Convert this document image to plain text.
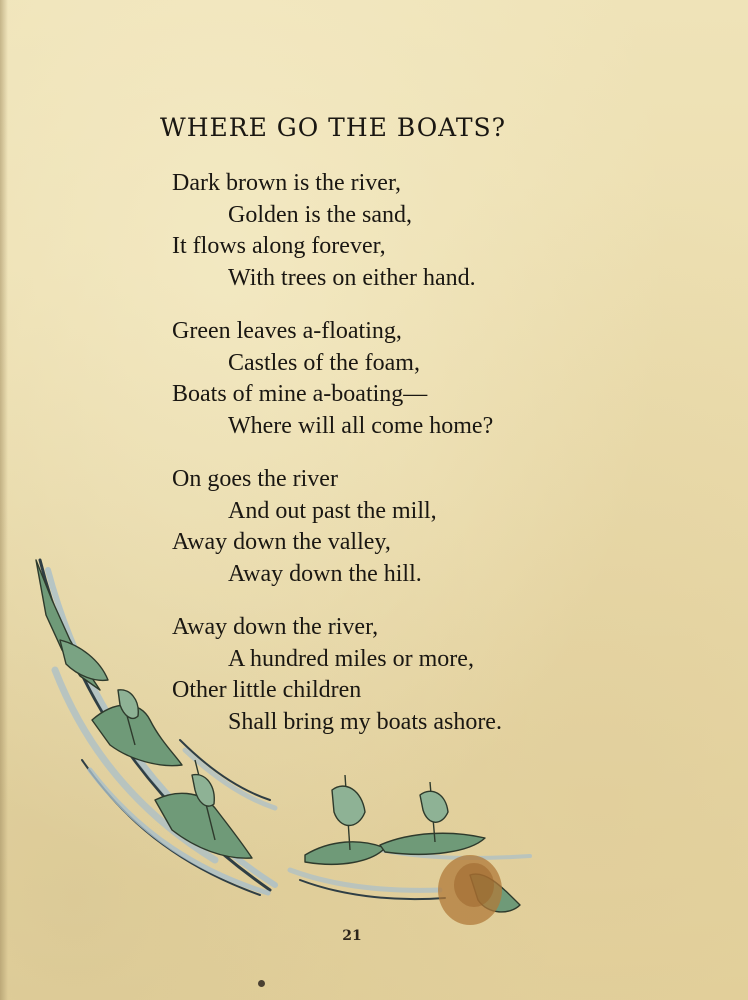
WHERE GO THE BOATS?
Dark brown is the river,
Golden is the sand,
It flows along forever,
With trees on either hand.
Green leaves a-floating,
Castles of the foam,
Boats of mine a-boating—
Where will all come home?
On goes the river
And out past the mill,
Away down the valley,
Away down the hill.
Away down the river,
A hundred miles or more,
Other little children
Shall bring my boats ashore.
21
